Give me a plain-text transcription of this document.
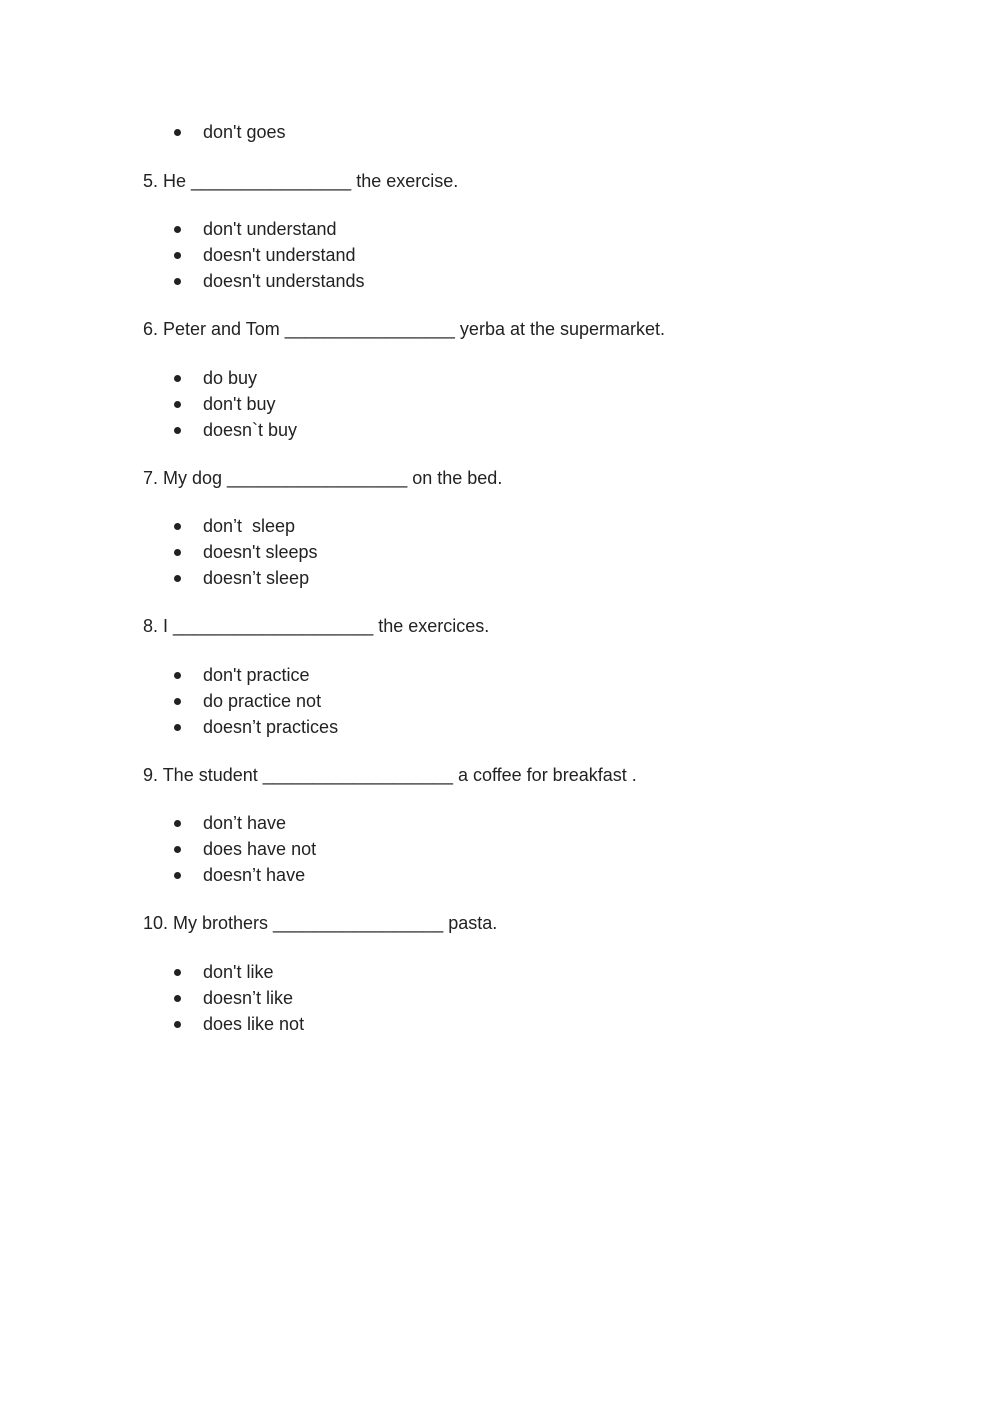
don't goes
5. He ________________ the exercise.
don't understand
doesn't understand
doesn't understands
6. Peter and Tom _________________ yerba at the supermarket.
do buy
don't buy
doesn`t buy
7. My dog __________________ on the bed.
don’t  sleep
doesn't sleeps
doesn’t sleep
8. I ____________________ the exercices.
don't practice
do practice not
doesn’t practices
9. The student ___________________ a coffee for breakfast .
don’t have
does have not
doesn’t have
10. My brothers _________________ pasta.
don't like
doesn’t like
does like not
